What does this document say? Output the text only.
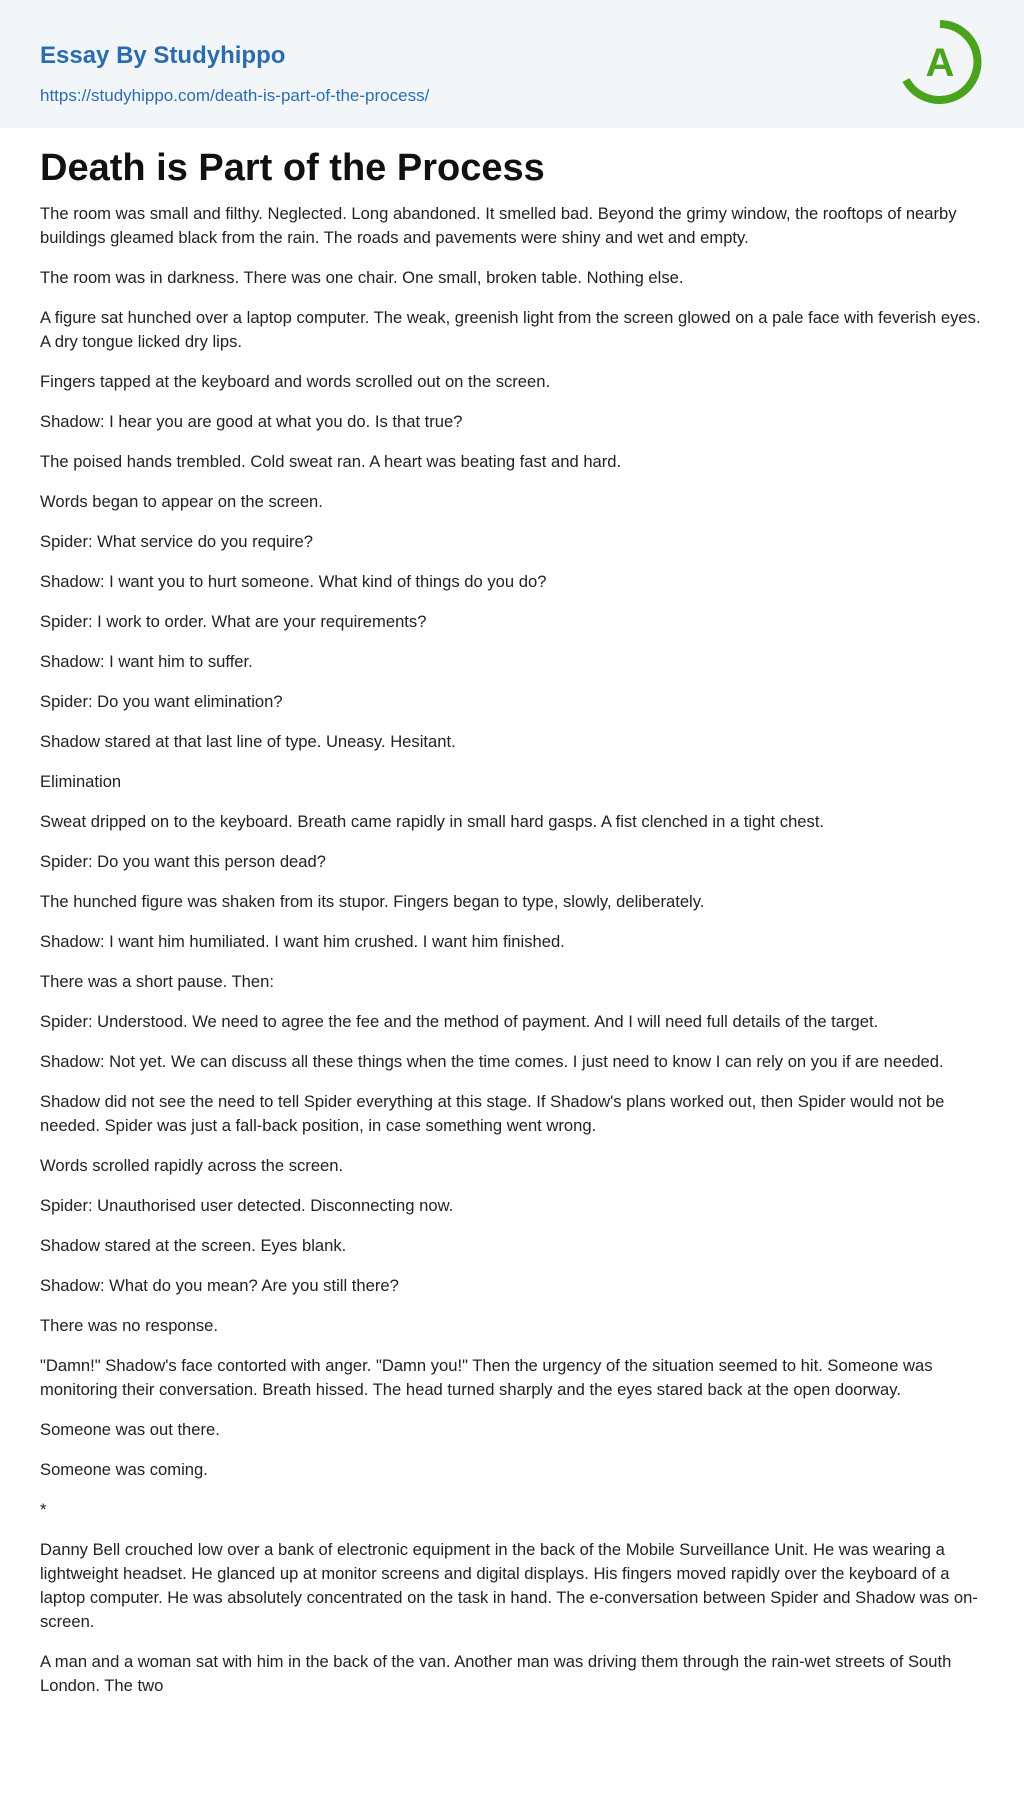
Essay By Studyhippo
https://studyhippo.com/death-is-part-of-the-process/
A
Death is Part of the Process

The room was small and filthy. Neglected. Long abandoned. It smelled bad. Beyond the grimy window, the rooftops of nearby buildings gleamed black from the rain. The roads and pavements were shiny and wet and empty.

The room was in darkness. There was one chair. One small, broken table. Nothing else.

A figure sat hunched over a laptop computer. The weak, greenish light from the screen glowed on a pale face with feverish eyes. A dry tongue licked dry lips.

Fingers tapped at the keyboard and words scrolled out on the screen.

Shadow: I hear you are good at what you do. Is that true?

The poised hands trembled. Cold sweat ran. A heart was beating fast and hard.

Words began to appear on the screen.

Spider: What service do you require?

Shadow: I want you to hurt someone. What kind of things do you do?

Spider: I work to order. What are your requirements?

Shadow: I want him to suffer.

Spider: Do you want elimination?

Shadow stared at that last line of type. Uneasy. Hesitant.

Elimination

Sweat dripped on to the keyboard. Breath came rapidly in small hard gasps. A fist clenched in a tight chest.

Spider: Do you want this person dead?

The hunched figure was shaken from its stupor. Fingers began to type, slowly, deliberately.

Shadow: I want him humiliated. I want him crushed. I want him finished.

There was a short pause. Then:

Spider: Understood. We need to agree the fee and the method of payment. And I will need full details of the target.

Shadow: Not yet. We can discuss all these things when the time comes. I just need to know I can rely on you if are needed.

Shadow did not see the need to tell Spider everything at this stage. If Shadow's plans worked out, then Spider would not be needed. Spider was just a fall-back position, in case something went wrong.

Words scrolled rapidly across the screen.

Spider: Unauthorised user detected. Disconnecting now.

Shadow stared at the screen. Eyes blank.

Shadow: What do you mean? Are you still there?

There was no response.

"Damn!" Shadow's face contorted with anger. "Damn you!" Then the urgency of the situation seemed to hit. Someone was monitoring their conversation. Breath hissed. The head turned sharply and the eyes stared back at the open doorway.

Someone was out there.

Someone was coming.

*

Danny Bell crouched low over a bank of electronic equipment in the back of the Mobile Surveillance Unit. He was wearing a lightweight headset. He glanced up at monitor screens and digital displays. His fingers moved rapidly over the keyboard of a laptop computer. He was absolutely concentrated on the task in hand. The e-conversation between Spider and Shadow was on-screen.

A man and a woman sat with him in the back of the van. Another man was driving them through the rain-wet streets of South London. The two
